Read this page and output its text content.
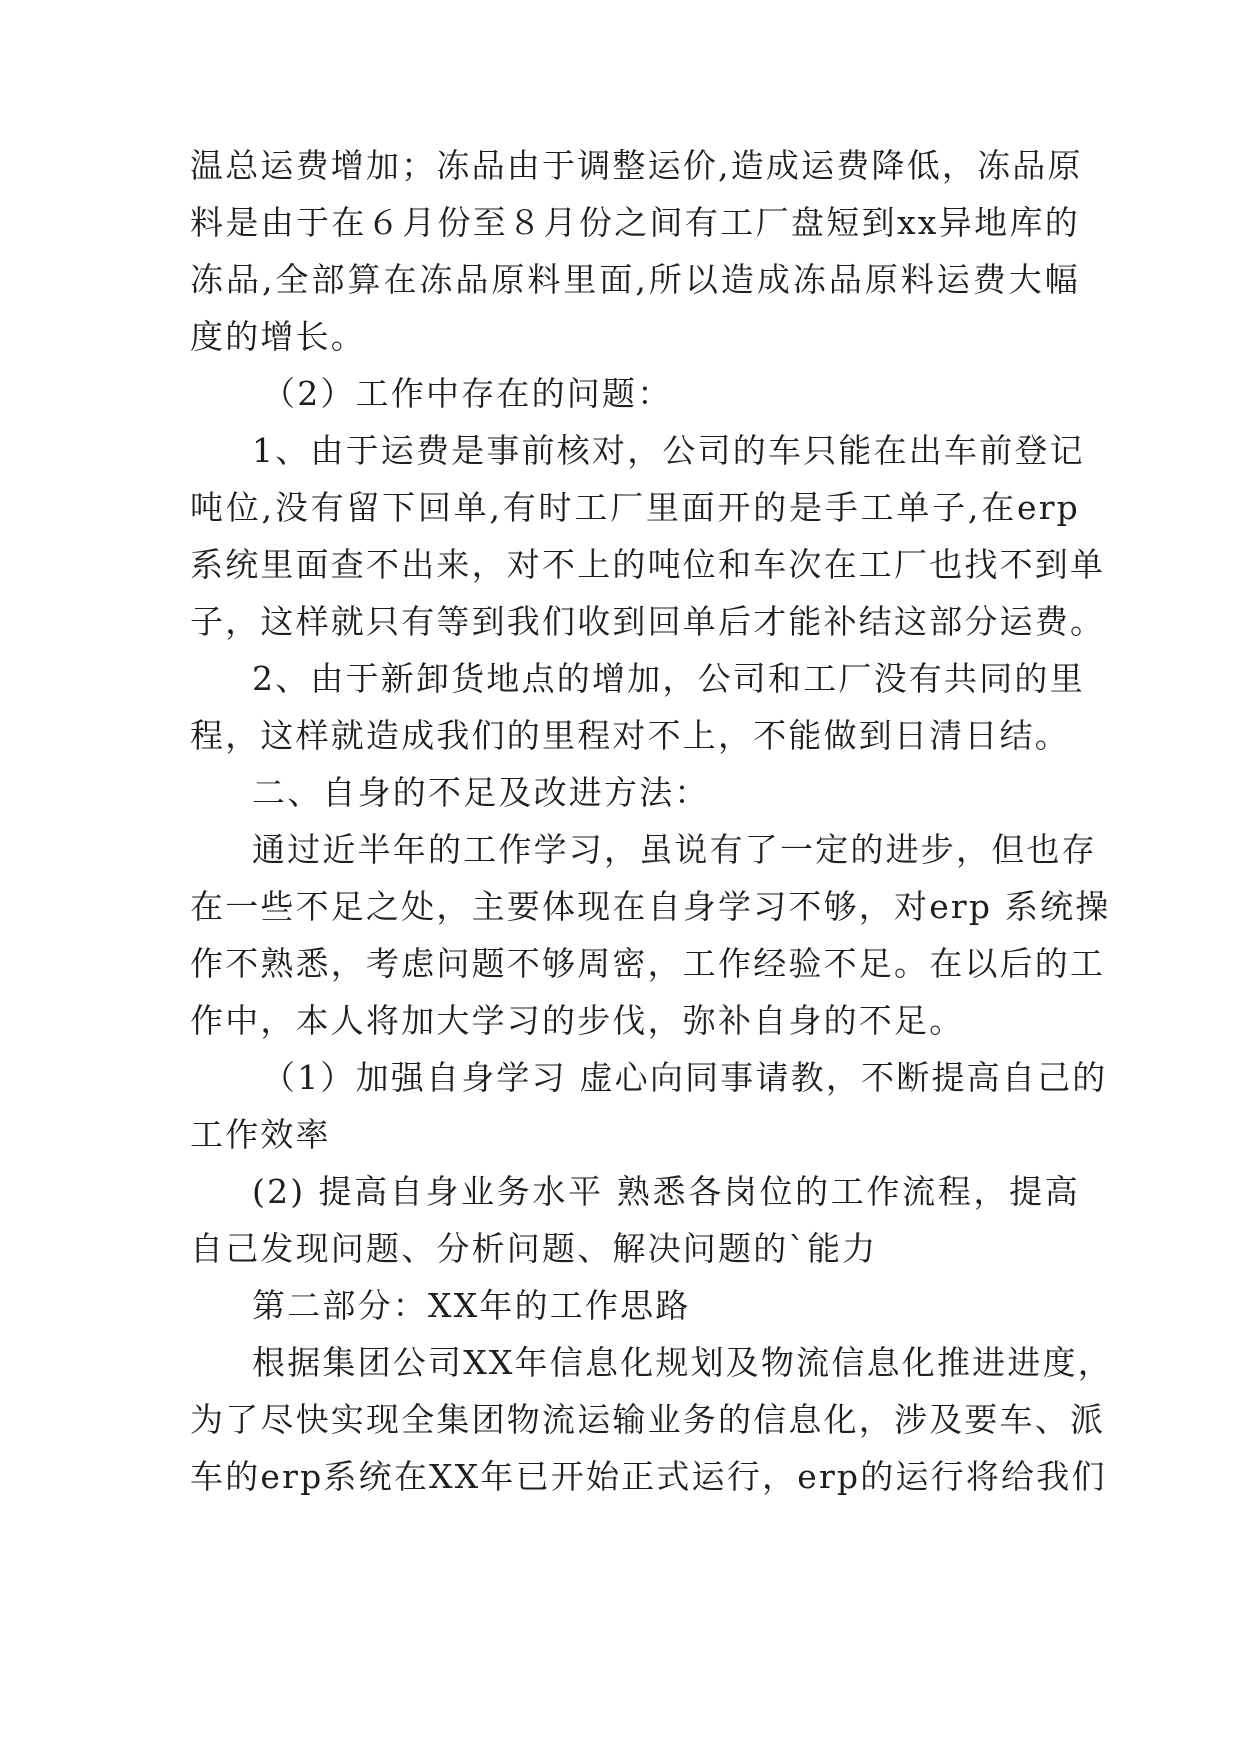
温总运费增加；冻品由于调整运价,造成运费降低，冻品原
料是由于在６月份至８月份之间有工厂盘短到xx异地库的
冻品,全部算在冻品原料里面,所以造成冻品原料运费大幅
度的增长。
（2）工作中存在的问题：
1、由于运费是事前核对，公司的车只能在出车前登记
吨位,没有留下回单,有时工厂里面开的是手工单子,在erp
系统里面查不出来，对不上的吨位和车次在工厂也找不到单
子，这样就只有等到我们收到回单后才能补结这部分运费。
2、由于新卸货地点的增加，公司和工厂没有共同的里
程，这样就造成我们的里程对不上，不能做到日清日结。
二、自身的不足及改进方法：
通过近半年的工作学习，虽说有了一定的进步，但也存
在一些不足之处，主要体现在自身学习不够，对erp 系统操
作不熟悉，考虑问题不够周密，工作经验不足。在以后的工
作中，本人将加大学习的步伐，弥补自身的不足。
（1）加强自身学习 虚心向同事请教，不断提高自己的
工作效率
(2) 提高自身业务水平 熟悉各岗位的工作流程，提高
自己发现问题、分析问题、解决问题的`能力
第二部分：XX年的工作思路
根据集团公司XX年信息化规划及物流信息化推进进度，
为了尽快实现全集团物流运输业务的信息化，涉及要车、派
车的erp系统在XX年已开始正式运行，erp的运行将给我们
